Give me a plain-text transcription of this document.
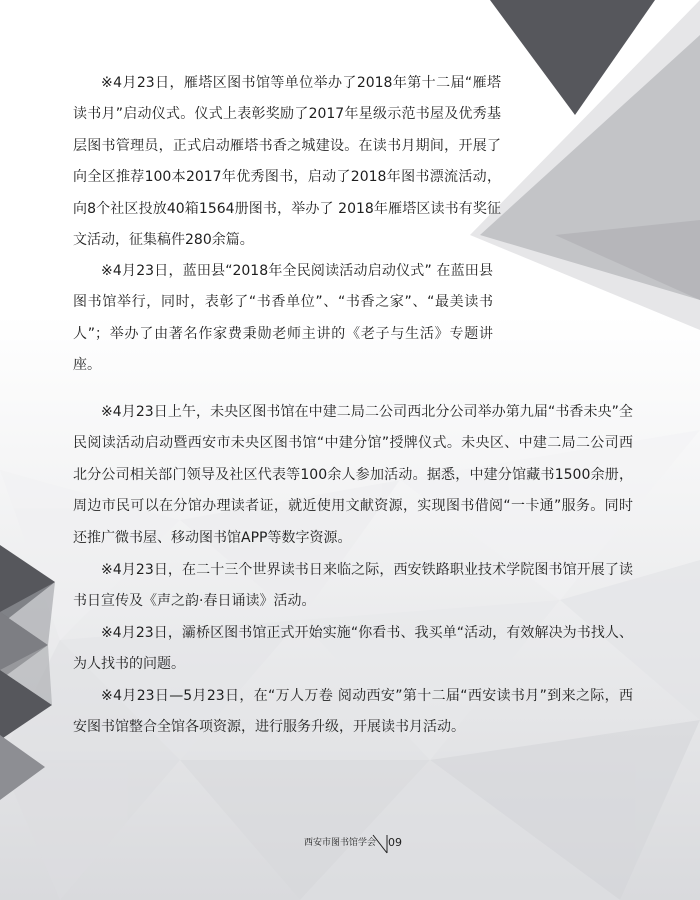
※4月23日，雁塔区图书馆等单位举办了2018年第十二届“雁塔读书月”启动仪式。仪式上表彰奖励了2017年星级示范书屋及优秀基层图书管理员，正式启动雁塔书香之城建设。在读书月期间，开展了向全区推荐100本2017年优秀图书，启动了2018年图书漂流活动，向8个社区投放40箱1564册图书，举办了 2018年雁塔区读书有奖征文活动，征集稿件280余篇。

※4月23日，蓝田县“2018年全民阅读活动启动仪式” 在蓝田县图书馆举行，同时，表彰了“书香单位”、“书香之家”、“最美读书人”；举办了由著名作家费秉勋老师主讲的《老子与生活》专题讲座。

※4月23日上午，未央区图书馆在中建二局二公司西北分公司举办第九届“书香未央”全民阅读活动启动暨西安市未央区图书馆“中建分馆”授牌仪式。未央区、中建二局二公司西北分公司相关部门领导及社区代表等100余人参加活动。据悉，中建分馆藏书1500余册，周边市民可以在分馆办理读者证，就近使用文献资源，实现图书借阅“一卡通”服务。同时还推广微书屋、移动图书馆APP等数字资源。

※4月23日，在二十三个世界读书日来临之际，西安铁路职业技术学院图书馆开展了读书日宣传及《声之韵·春日诵读》活动。

※4月23日，灞桥区图书馆正式开始实施“你看书、我买单“活动，有效解决为书找人、为人找书的问题。

※4月23日—5月23日，在“万人万卷 阅动西安”第十二届“西安读书月”到来之际，西安图书馆整合全馆各项资源，进行服务升级，开展读书月活动。

西安市图书馆学会 09
